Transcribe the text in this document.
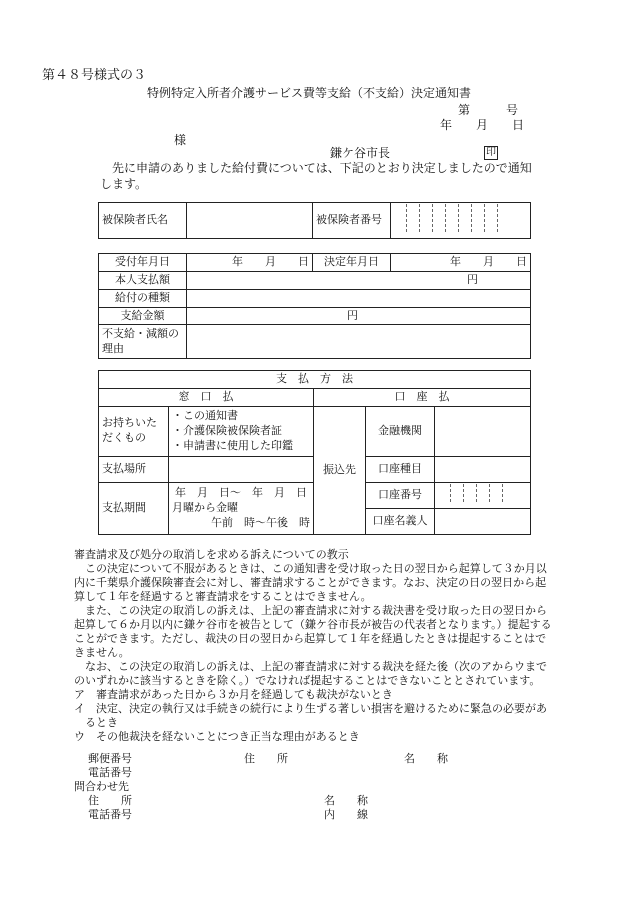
第４８号様式の３
特例特定入所者介護サービス費等支給（不支給）決定通知書
第　　　号
年　　月　　日
様
鎌ケ谷市長	印
先に申請のありました給付費については、下記のとおり決定しましたので通知します。
被保険者氏名		被保険者番号	
受付年月日	年　　月　　日	決定年月日	年　　月　　日
本人支払額	円		
給付の種類			
支給金額	円		
不支給・減額の理由			
支　払　方　法				
窓　口　払		口　座　払		
お持ちいただくもの	・この通知書
・介護保険被保険者証
・申請書に使用した印鑑	振込先	金融機関	
支払場所			口座種目	
支払期間	年　月　日～　年　月　日
月曜から金曜
午前　時～午後　時		口座番号	
			口座名義人	

審査請求及び処分の取消しを求める訴えについての教示

この決定について不服があるときは、この通知書を受け取った日の翌日から起算して３か月以内に千葉県介護保険審査会に対し、審査請求することができます。なお、決定の日の翌日から起算して１年を経過すると審査請求をすることはできません。

また、この決定の取消しの訴えは、上記の審査請求に対する裁決書を受け取った日の翌日から起算して６か月以内に鎌ケ谷市を被告として（鎌ケ谷市長が被告の代表者となります。）提起することができます。ただし、裁決の日の翌日から起算して１年を経過したときは提起することはできません。

なお、この決定の取消しの訴えは、上記の審査請求に対する裁決を経た後（次のアからウまでのいずれかに該当するときを除く。）でなければ提起することはできないこととされています。

ア　審査請求があった日から３か月を経過しても裁決がないとき

イ　決定、決定の執行又は手続きの続行により生ずる著しい損害を避けるために緊急の必要があるとき

ウ　その他裁決を経ないことにつき正当な理由があるとき

郵便番号	住　　所	名　　称
電話番号
問合わせ先
住　　所	名　　称
電話番号	内　　線
